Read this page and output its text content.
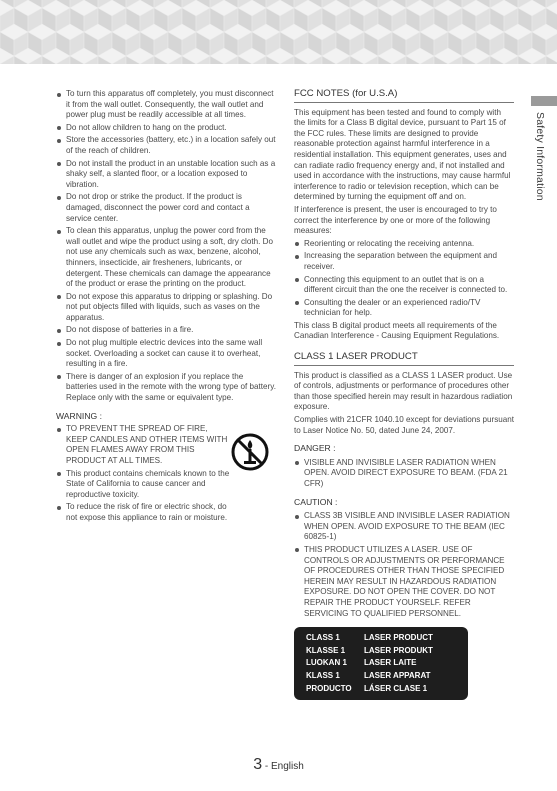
Safety Information
To turn this apparatus off completely, you must disconnect it from the wall outlet. Consequently, the wall outlet and power plug must be readily accessible at all times.
Do not allow children to hang on the product.
Store the accessories (battery, etc.) in a location safely out of the reach of children.
Do not install the product in an unstable location such as a shaky self, a slanted floor, or a location exposed to vibration.
Do not drop or strike the product. If the product is damaged, disconnect the power cord and contact a service center.
To clean this apparatus, unplug the power cord from the wall outlet and wipe the product using a soft, dry cloth. Do not use any chemicals such as wax, benzene, alcohol, thinners, insecticide, air fresheners, lubricants, or detergent. These chemicals can damage the appearance of the product or erase the printing on the product.
Do not expose this apparatus to dripping or splashing. Do not put objects filled with liquids, such as vases on the apparatus.
Do not dispose of batteries in a fire.
Do not plug multiple electric devices into the same wall socket. Overloading a socket can cause it to overheat, resulting in a fire.
There is danger of an explosion if you replace the batteries used in the remote with the wrong type of battery. Replace only with the same or equivalent type.
WARNING :
TO PREVENT THE SPREAD OF FIRE, KEEP CANDLES AND OTHER ITEMS WITH OPEN FLAMES AWAY FROM THIS PRODUCT AT ALL TIMES.
This product contains chemicals known to the State of California to cause cancer and reproductive toxicity.
To reduce the risk of fire or electric shock, do not expose this appliance to rain or moisture.
FCC NOTES (for U.S.A)

This equipment has been tested and found to comply with the limits for a Class B digital device, pursuant to Part 15 of the FCC rules. These limits are designed to provide reasonable protection against harmful interference in a residential installation. This equipment generates, uses and can radiate radio frequency energy and, if not installed and used in accordance with the instructions, may cause harmful interference to radio or television reception, which can be determined by turning the equipment off and on.

If interference is present, the user is encouraged to try to correct the interference by one or more of the following measures:

Reorienting or relocating the receiving antenna.
Increasing the separation between the equipment and receiver.
Connecting this equipment to an outlet that is on a different circuit than the one the receiver is connected to.
Consulting the dealer or an experienced radio/TV technician for help.

This class B digital product meets all requirements of the Canadian Interference - Causing Equipment Regulations.

CLASS 1 LASER PRODUCT

This product is classified as a CLASS 1 LASER product. Use of controls, adjustments or performance of procedures other than those specified herein may result in hazardous radiation exposure.

Complies with 21CFR 1040.10 except for deviations pursuant to Laser Notice No. 50, dated June 24, 2007.

DANGER :
VISIBLE AND INVISIBLE LASER RADIATION WHEN OPEN. AVOID DIRECT EXPOSURE TO BEAM. (FDA 21 CFR)
CAUTION :
CLASS 3B VISIBLE AND INVISIBLE LASER RADIATION WHEN OPEN. AVOID EXPOSURE TO THE BEAM (IEC 60825-1)
THIS PRODUCT UTILIZES A LASER. USE OF CONTROLS OR ADJUSTMENTS OR PERFORMANCE OF PROCEDURES OTHER THAN THOSE SPECIFIED HEREIN MAY RESULT IN HAZARDOUS RADIATION EXPOSURE. DO NOT OPEN THE COVER. DO NOT REPAIR THE PRODUCT YOURSELF. REFER SERVICING TO QUALIFIED PERSONNEL.
CLASS 1	LASER PRODUCT
KLASSE 1	LASER PRODUKT
LUOKAN 1	LASER LAITE
KLASS 1	LASER APPARAT
PRODUCTO	LÁSER CLASE 1
3 - English
